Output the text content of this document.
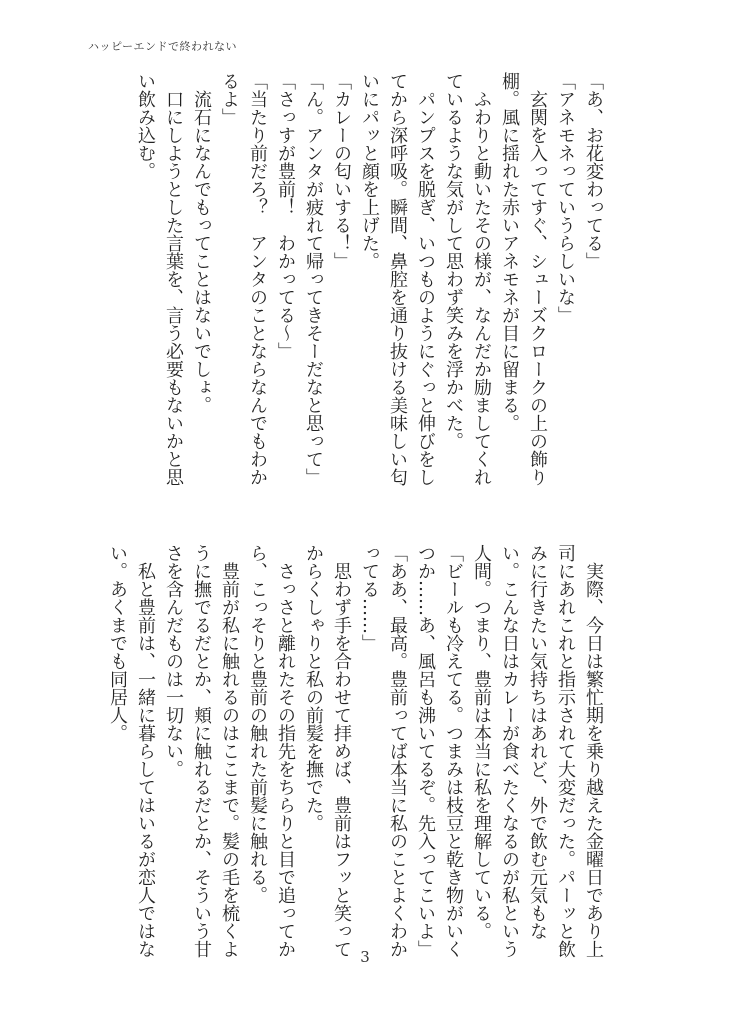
ハッピーエンドで終われない
「あ、お花変わってる」
「アネモネっていうらしいな」
　玄関を入ってすぐ、シューズクロークの上の飾り
棚。風に揺れた赤いアネモネが目に留まる。
　ふわりと動いたその様が、なんだか励ましてくれ
ているような気がして思わず笑みを浮かべた。
　パンプスを脱ぎ、いつものようにぐっと伸びをし
てから深呼吸。瞬間、鼻腔を通り抜ける美味しい匂
いにパッと顔を上げた。
「カレーの匂いする！」
「ん。アンタが疲れて帰ってきそーだなと思って」
「さっすが豊前！　わかってる～」
「当たり前だろ？　アンタのことならなんでもわか
るよ」
　流石になんでもってことはないでしょ。
　口にしようとした言葉を、言う必要もないかと思
い飲み込む。
　実際、今日は繁忙期を乗り越えた金曜日であり上
司にあれこれと指示されて大変だった。パーッと飲
みに行きたい気持ちはあれど、外で飲む元気もな
い。こんな日はカレーが食べたくなるのが私という
人間。つまり、豊前は本当に私を理解している。
「ビールも冷えてる。つまみは枝豆と乾き物がいく
つか……あ、風呂も沸いてるぞ。先入ってこいよ」
「ああ、最高。豊前ってば本当に私のことよくわか
ってる……」
　思わず手を合わせて拝めば、豊前はフッと笑って
からくしゃりと私の前髪を撫でた。
　さっさと離れたその指先をちらりと目で追ってか
ら、こっそりと豊前の触れた前髪に触れる。
　豊前が私に触れるのはここまで。髪の毛を梳くよ
うに撫でるだとか、頬に触れるだとか、そういう甘
さを含んだものは一切ない。
　私と豊前は、一緒に暮らしてはいるが恋人ではな
い。あくまでも同居人。
3
